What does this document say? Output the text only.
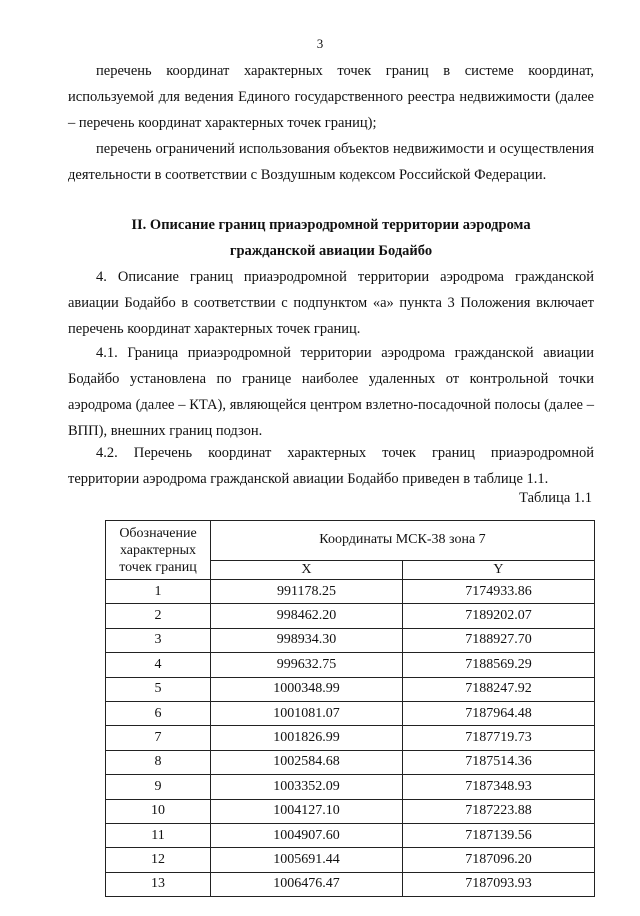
3

перечень координат характерных точек границ в системе координат, используемой для ведения Единого государственного реестра недвижимости (далее – перечень координат характерных точек границ);

перечень ограничений использования объектов недвижимости и осуществления деятельности в соответствии с Воздушным кодексом Российской Федерации.

II. Описание границ приаэродромной территории аэродрома
гражданской авиации Бодайбо

4. Описание границ приаэродромной территории аэродрома гражданской авиации Бодайбо в соответствии с подпунктом «а» пункта 3 Положения включает перечень координат характерных точек границ.

4.1. Граница приаэродромной территории аэродрома гражданской авиации Бодайбо установлена по границе наиболее удаленных от контрольной точки аэродрома (далее – КТА), являющейся центром взлетно-посадочной полосы (далее – ВПП), внешних границ подзон.

4.2. Перечень координат характерных точек границ приаэродромной территории аэродрома гражданской авиации Бодайбо приведен в таблице 1.1.

Таблица 1.1
Обозначение характерных точек границ	Координаты МСК-38 зона 7	
	X	Y
1	991178.25	7174933.86
2	998462.20	7189202.07
3	998934.30	7188927.70
4	999632.75	7188569.29
5	1000348.99	7188247.92
6	1001081.07	7187964.48
7	1001826.99	7187719.73
8	1002584.68	7187514.36
9	1003352.09	7187348.93
10	1004127.10	7187223.88
11	1004907.60	7187139.56
12	1005691.44	7187096.20
13	1006476.47	7187093.93
